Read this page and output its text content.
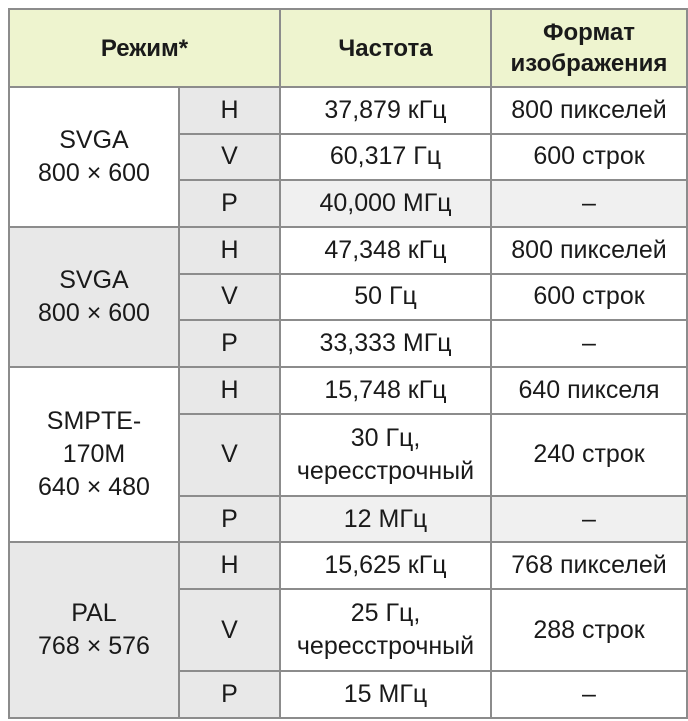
Режим*		Частота	Формат
изображения

SVGA
800 × 600	H	37,879 кГц	800 пикселей
	V	60,317 Гц	600 строк
	P	40,000 МГц	–

SVGA
800 × 600	H	47,348 кГц	800 пикселей
	V	50 Гц	600 строк
	P	33,333 МГц	–

SMPTE-
170M
640 × 480	H	15,748 кГц	640 пикселя
	V	30 Гц,
чересстрочный	240 строк
	P	12 МГц	–

PAL
768 × 576	H	15,625 кГц	768 пикселей
	V	25 Гц,
чересстрочный	288 строк
	P	15 МГц	–
